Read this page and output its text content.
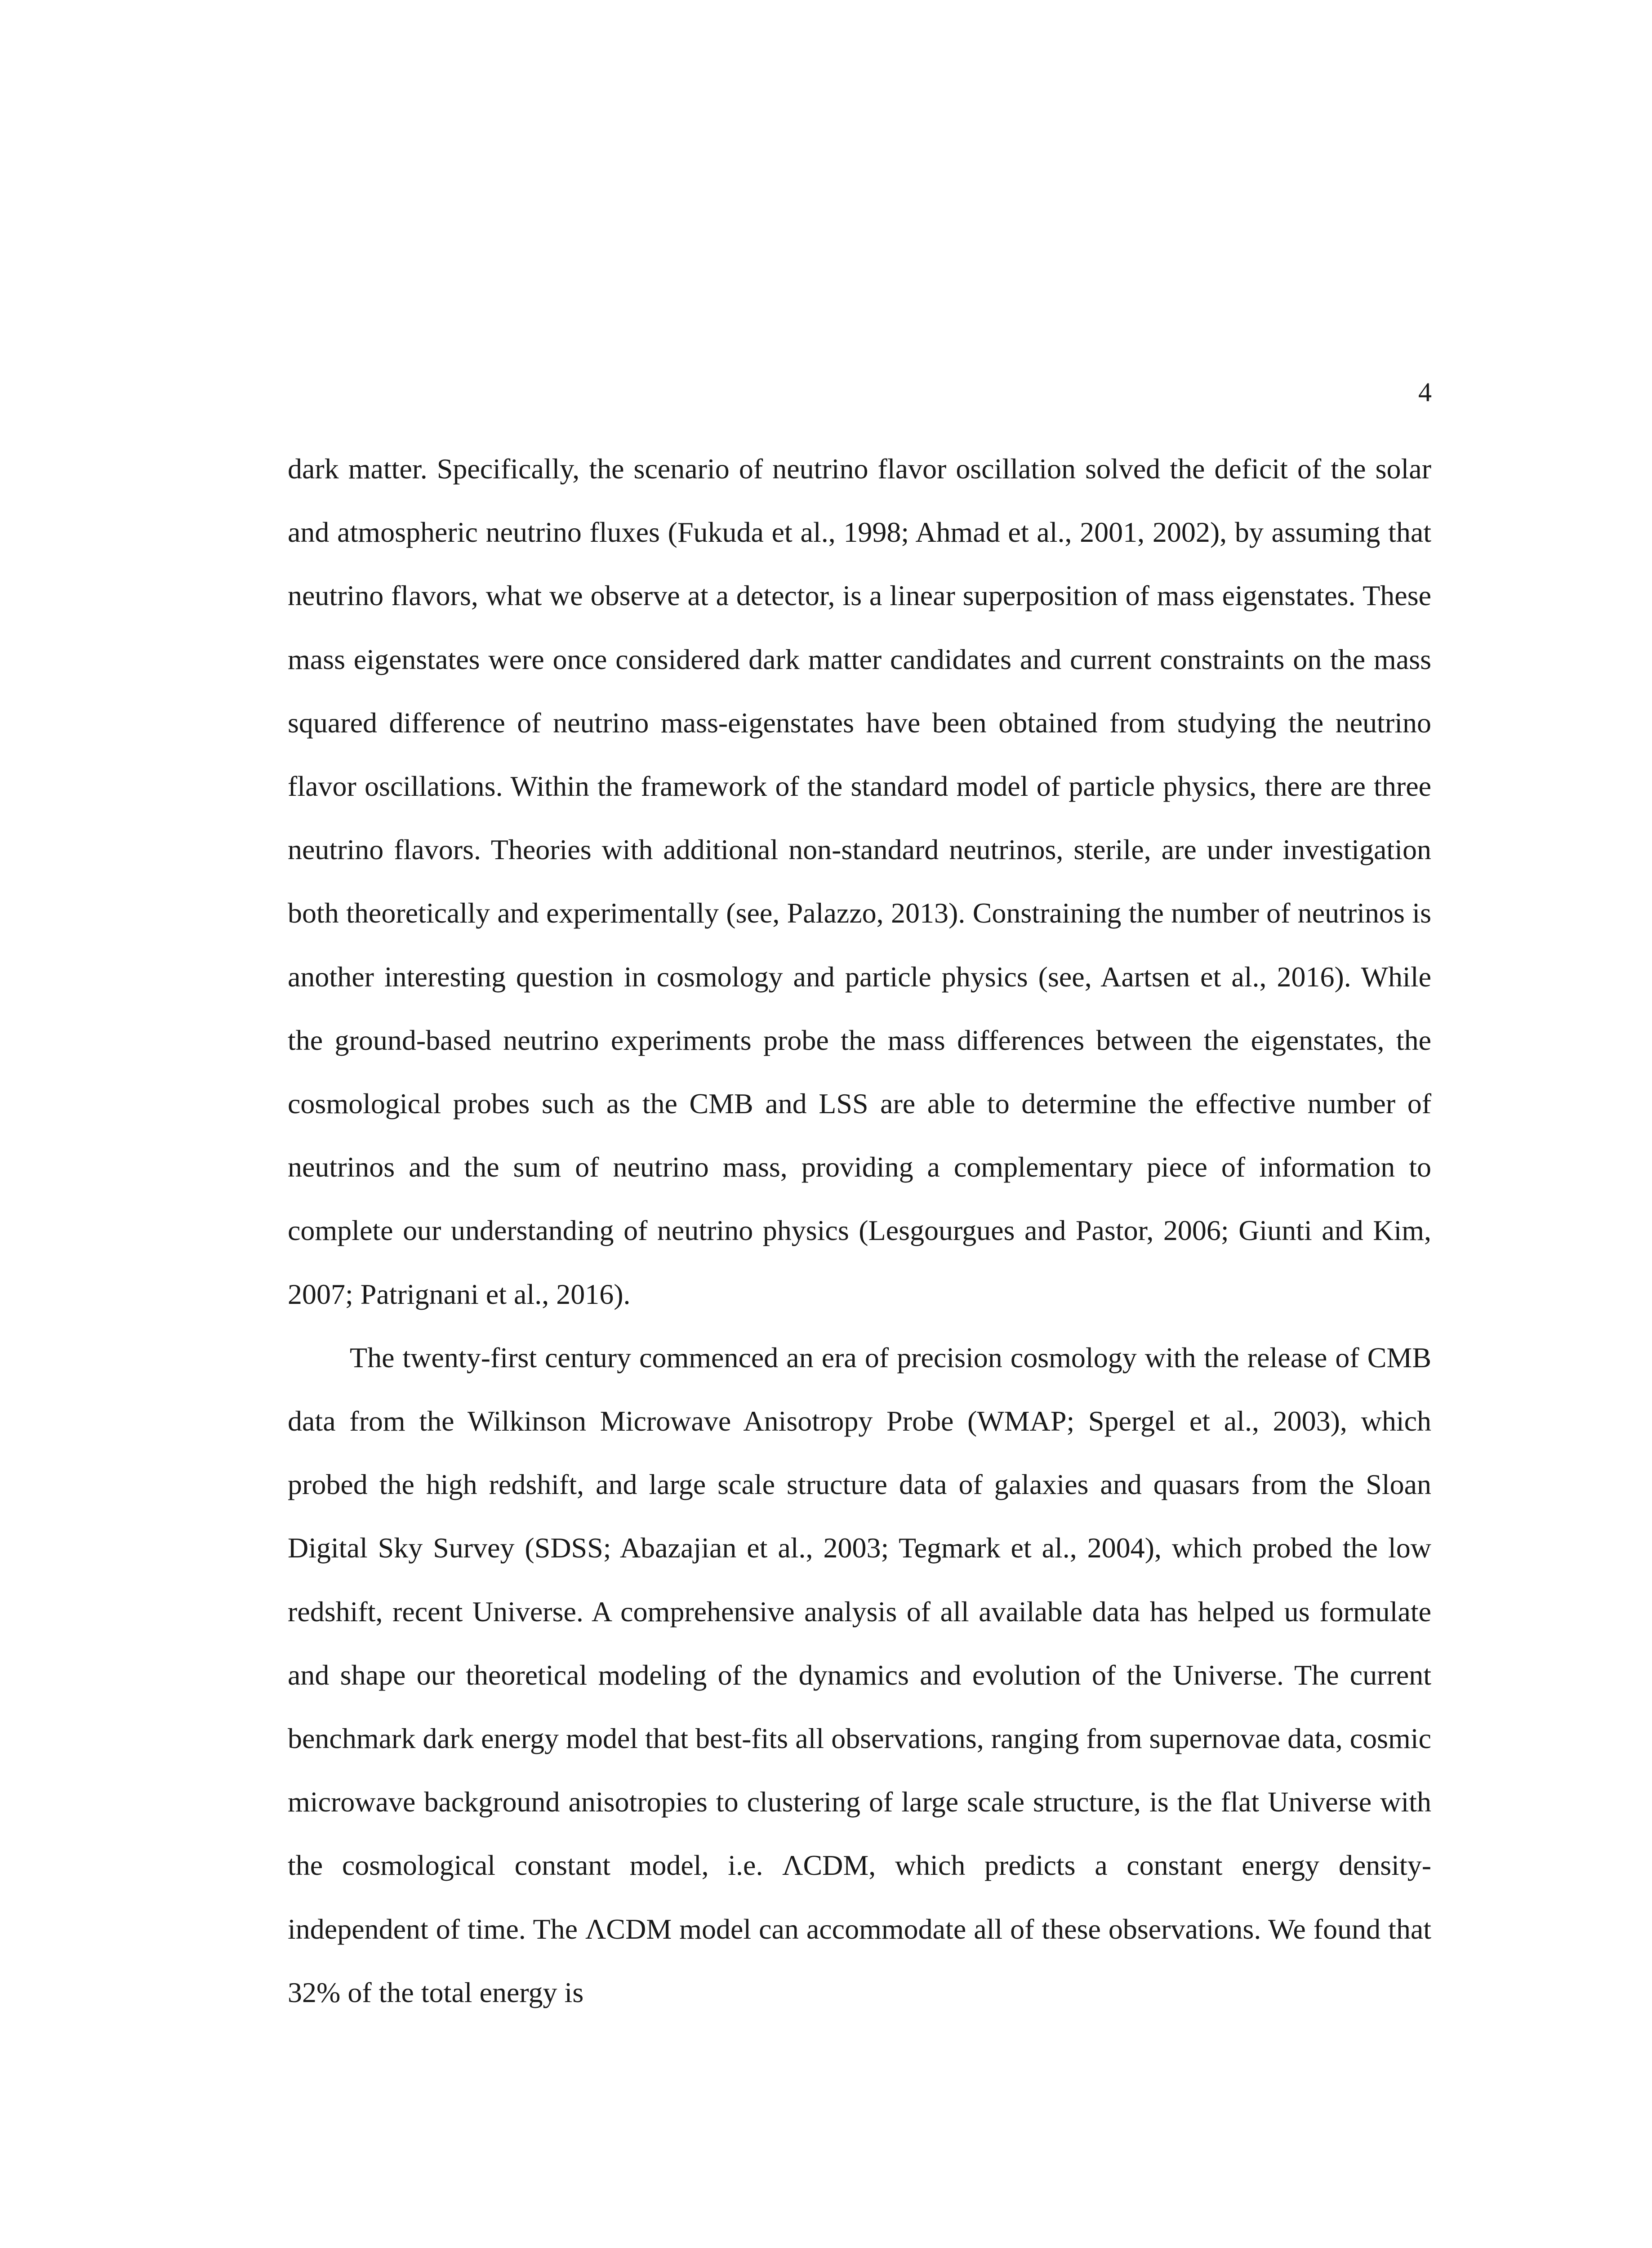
4

dark matter. Specifically, the scenario of neutrino flavor oscillation solved the deficit of the solar and atmospheric neutrino fluxes (Fukuda et al., 1998; Ahmad et al., 2001, 2002), by assuming that neutrino flavors, what we observe at a detector, is a linear superposition of mass eigenstates. These mass eigenstates were once considered dark matter candidates and current constraints on the mass squared difference of neutrino mass-eigenstates have been obtained from studying the neutrino flavor oscillations. Within the framework of the standard model of particle physics, there are three neutrino flavors. Theories with additional non-standard neutrinos, sterile, are under investigation both theoretically and experimentally (see, Palazzo, 2013). Constraining the number of neutrinos is another interesting question in cosmology and particle physics (see, Aartsen et al., 2016). While the ground-based neutrino experiments probe the mass differences between the eigenstates, the cosmological probes such as the CMB and LSS are able to determine the effective number of neutrinos and the sum of neutrino mass, providing a complementary piece of information to complete our understanding of neutrino physics (Lesgourgues and Pastor, 2006; Giunti and Kim, 2007; Patrignani et al., 2016).

The twenty-first century commenced an era of precision cosmology with the release of CMB data from the Wilkinson Microwave Anisotropy Probe (WMAP; Spergel et al., 2003), which probed the high redshift, and large scale structure data of galaxies and quasars from the Sloan Digital Sky Survey (SDSS; Abazajian et al., 2003; Tegmark et al., 2004), which probed the low redshift, recent Universe. A comprehensive analysis of all available data has helped us formulate and shape our theoretical modeling of the dynamics and evolution of the Universe. The current benchmark dark energy model that best-fits all observations, ranging from supernovae data, cosmic microwave background anisotropies to clustering of large scale structure, is the flat Universe with the cosmological constant model, i.e. ΛCDM, which predicts a constant energy density-independent of time. The ΛCDM model can accommodate all of these observations. We found that 32% of the total energy is
